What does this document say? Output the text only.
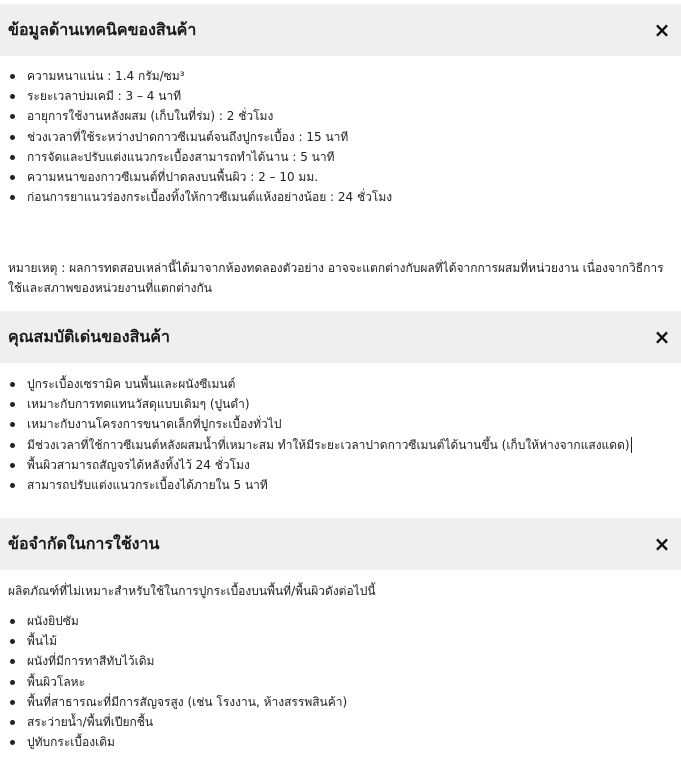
ข้อมูลด้านเทคนิคของสินค้า	×
ความหนาแน่น : 1.4 กรัม/ซม³
ระยะเวลาบ่มเคมี : 3 – 4 นาที
อายุการใช้งานหลังผสม (เก็บในที่ร่ม) : 2 ชั่วโมง
ช่วงเวลาที่ใช้ระหว่างปาดกาวซีเมนต์จนถึงปูกระเบื้อง : 15 นาที
การจัดและปรับแต่งแนวกระเบื้องสามารถทำได้นาน : 5 นาที
ความหนาของกาวซีเมนต์ที่ปาดลงบนพื้นผิว : 2 – 10 มม.
ก่อนการยาแนวร่องกระเบื้องทิ้งให้กาวซีเมนต์แห้งอย่างน้อย : 24 ชั่วโมง
หมายเหตุ : ผลการทดสอบเหล่านี้ได้มาจากห้องทดลองตัวอย่าง อาจจะแตกต่างกับผลที่ได้จากการผสมที่หน่วยงาน เนื่องจากวิธีการใช้และสภาพของหน่วยงานที่แตกต่างกัน
คุณสมบัติเด่นของสินค้า	×
ปูกระเบื้องเซรามิค บนพื้นและผนังซีเมนต์
เหมาะกับการทดแทนวัสดุแบบเดิมๆ (ปูนดำ)
เหมาะกับงานโครงการขนาดเล็กที่ปูกระเบื้องทั่วไป
มีช่วงเวลาที่ใช้กาวซีเมนต์หลังผสมน้ำที่เหมาะสม ทำให้มีระยะเวลาปาดกาวซีเมนต์ได้นานขึ้น (เก็บให้ห่างจากแสงแดด)
พื้นผิวสามารถสัญจรได้หลังทิ้งไว้ 24 ชั่วโมง
สามารถปรับแต่งแนวกระเบื้องได้ภายใน 5 นาที
ข้อจำกัดในการใช้งาน	×
ผลิตภัณฑ์ที่ไม่เหมาะสำหรับใช้ในการปูกระเบื้องบนพื้นที่/พื้นผิวดังต่อไปนี้
ผนังยิปซัม
พื้นไม้
ผนังที่มีการทาสีทับไว้เดิม
พื้นผิวโลหะ
พื้นที่สาธารณะที่มีการสัญจรสูง (เช่น โรงงาน, ห้างสรรพสินค้า)
สระว่ายน้ำ/พื้นที่เปียกชื้น
ปูทับกระเบื้องเดิม
